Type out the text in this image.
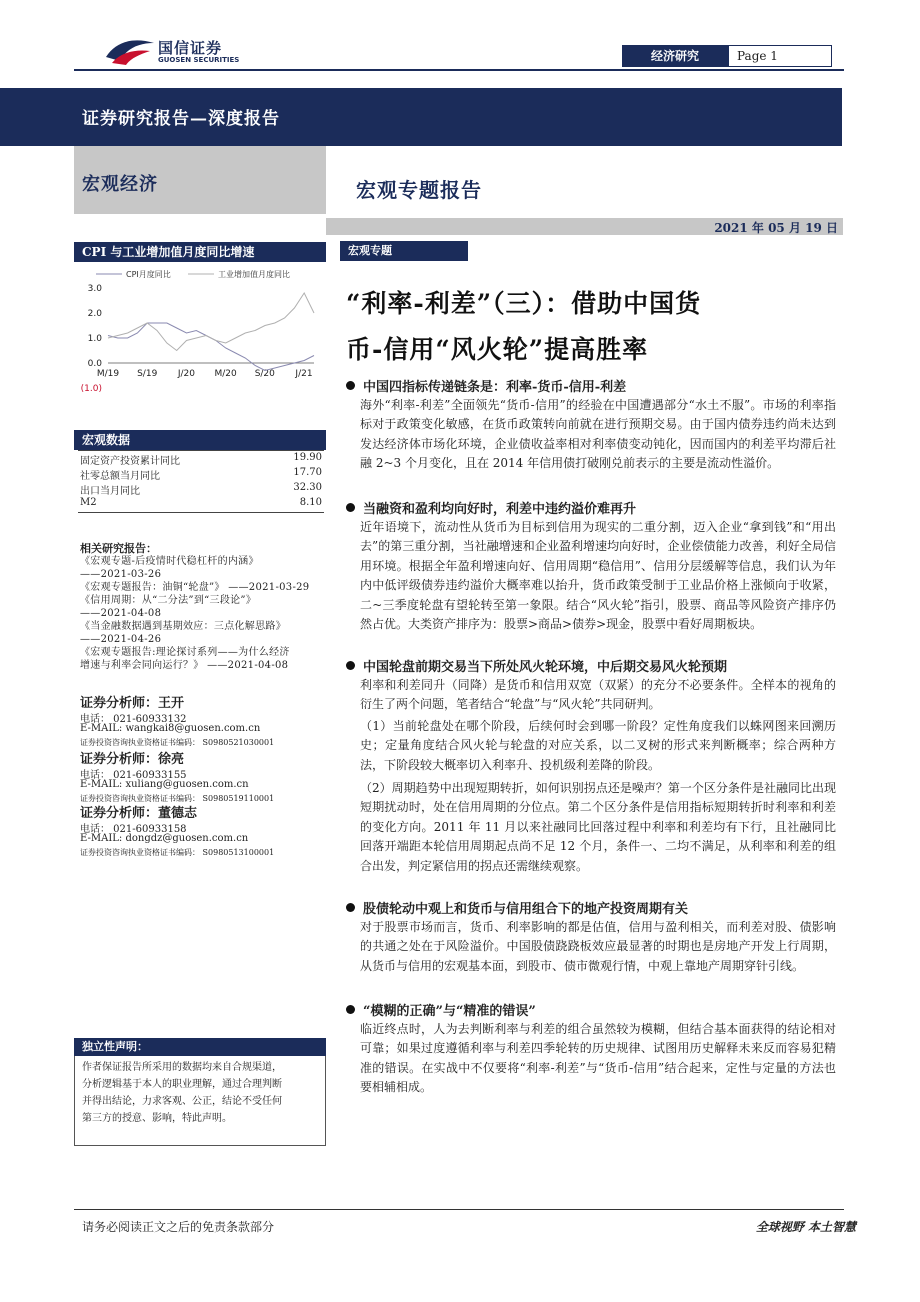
国信证券
GUOSEN SECURITIES	经济研究	Page 1
证券研究报告—深度报告
宏观经济	宏观专题报告
2021 年 05 月 19 日
CPI 与工业增加值月度同比增速
CPI月度同比	工业增加值月度同比
3.0
2.0
1.0
0.0
(1.0)
M/19 S/19 J/20 M/20 S/20 J/21
宏观数据
固定资产投资累计同比	19.90
社零总额当月同比	17.70
出口当月同比	32.30
M2	8.10
相关研究报告：
《宏观专题-后疫情时代稳杠杆的内涵》
——2021-03-26
《宏观专题报告：油铜“轮盘”》 ——2021-03-29
《信用周期：从“二分法”到“三段论”》
——2021-04-08
《当金融数据遇到基期效应：三点化解思路》
——2021-04-26
《宏观专题报告:理论探讨系列——为什么经济
增速与利率会同向运行？》 ——2021-04-08
证券分析师：王开
电话： 021-60933132
E-MAIL: wangkai8@guosen.com.cn
证券投资咨询执业资格证书编码： S0980521030001
证券分析师：徐亮
电话： 021-60933155
E-MAIL: xuliang@guosen.com.cn
证券投资咨询执业资格证书编码： S0980519110001
证券分析师：董德志
电话： 021-60933158
E-MAIL: dongdz@guosen.com.cn
证券投资咨询执业资格证书编码： S0980513100001
独立性声明：
作者保证报告所采用的数据均来自合规渠道，
分析逻辑基于本人的职业理解，通过合理判断
并得出结论，力求客观、公正，结论不受任何
第三方的授意、影响，特此声明。
宏观专题
“利率-利差”（三）：借助中国货
币-信用“风火轮”提高胜率
中国四指标传递链条是：利率-货币-信用-利差
海外“利率-利差”全面领先“货币-信用”的经验在中国遭遇部分“水土不服”。市场的利率指标对于政策变化敏感，在货币政策转向前就在进行预期交易。由于国内债券违约尚未达到发达经济体市场化环境，企业债收益率相对利率债变动钝化，因而国内的利差平均滞后社融 2~3 个月变化，且在 2014 年信用债打破刚兑前表示的主要是流动性溢价。
当融资和盈利均向好时，利差中违约溢价难再升
近年语境下，流动性从货币为目标到信用为现实的二重分割，迈入企业“拿到钱”和“用出去”的第三重分割，当社融增速和企业盈利增速均向好时，企业偿债能力改善，利好全局信用环境。根据全年盈利增速向好、信用周期“稳信用”、信用分层缓解等信息，我们认为年内中低评级债券违约溢价大概率难以抬升，货币政策受制于工业品价格上涨倾向于收紧，二~三季度轮盘有望轮转至第一象限。结合“风火轮”指引，股票、商品等风险资产排序仍然占优。大类资产排序为：股票>商品>债券>现金，股票中看好周期板块。
中国轮盘前期交易当下所处风火轮环境，中后期交易风火轮预期
利率和利差同升（同降）是货币和信用双宽（双紧）的充分不必要条件。全样本的视角的衍生了两个问题，笔者结合“轮盘”与“风火轮”共同研判。
（1）当前轮盘处在哪个阶段，后续何时会到哪一阶段？定性角度我们以蛛网图来回溯历史；定量角度结合风火轮与轮盘的对应关系，以二叉树的形式来判断概率；综合两种方法，下阶段较大概率切入利率升、投机级利差降的阶段。
（2）周期趋势中出现短期转折，如何识别拐点还是噪声？第一个区分条件是社融同比出现短期扰动时，处在信用周期的分位点。第二个区分条件是信用指标短期转折时利率和利差的变化方向。2011 年 11 月以来社融同比回落过程中利率和利差均有下行，且社融同比回落开端距本轮信用周期起点尚不足 12 个月，条件一、二均不满足，从利率和利差的组合出发，判定紧信用的拐点还需继续观察。
股债轮动中观上和货币与信用组合下的地产投资周期有关
对于股票市场而言，货币、利率影响的都是估值，信用与盈利相关，而利差对股、债影响的共通之处在于风险溢价。中国股债跷跷板效应最显著的时期也是房地产开发上行周期，从货币与信用的宏观基本面，到股市、债市微观行情，中观上靠地产周期穿针引线。
“模糊的正确”与“精准的错误”
临近终点时，人为去判断利率与利差的组合虽然较为模糊，但结合基本面获得的结论相对可靠；如果过度遵循利率与利差四季轮转的历史规律、试图用历史解释未来反而容易犯精准的错误。在实战中不仅要将“利率-利差”与“货币-信用”结合起来，定性与定量的方法也要相辅相成。
请务必阅读正文之后的免责条款部分	全球视野 本土智慧
